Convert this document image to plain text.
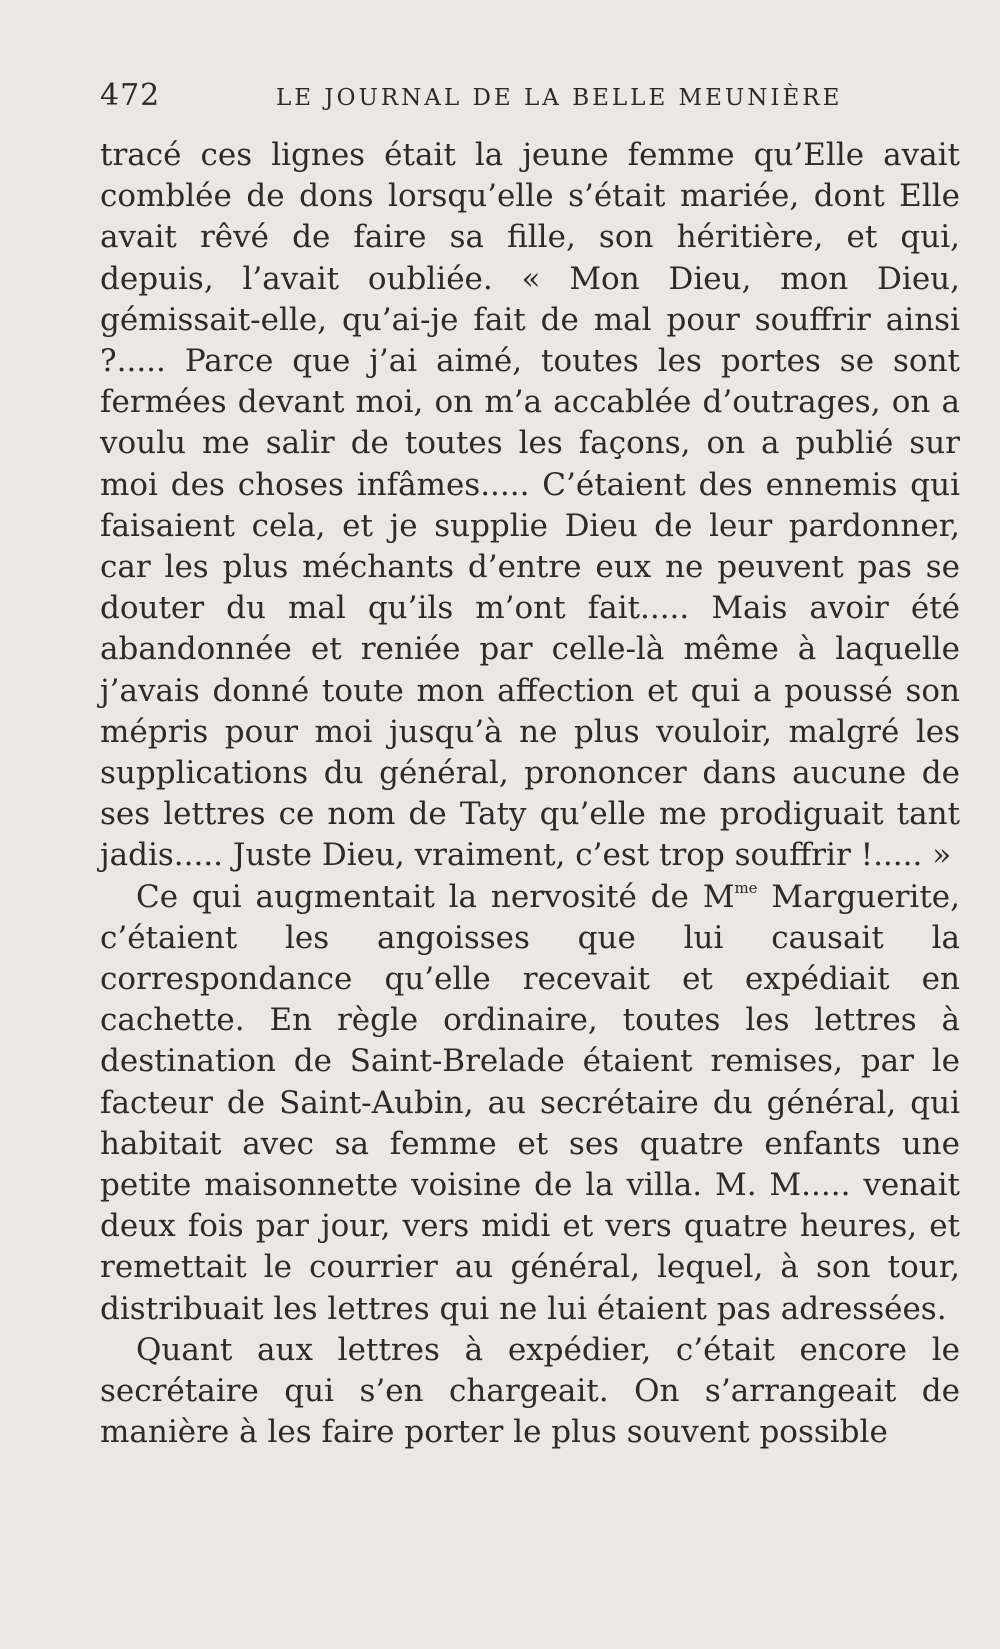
472	LE JOURNAL DE LA BELLE MEUNIÈRE

tracé ces lignes était la jeune femme qu’Elle avait comblée de dons lorsqu’elle s’était mariée, dont Elle avait rêvé de faire sa fille, son héritière, et qui, depuis, l’avait oubliée. « Mon Dieu, mon Dieu, gémissait-elle, qu’ai-je fait de mal pour souffrir ainsi ?..... Parce que j’ai aimé, toutes les portes se sont fermées devant moi, on m’a accablée d’outrages, on a voulu me salir de toutes les façons, on a publié sur moi des choses infâmes..... C’étaient des ennemis qui faisaient cela, et je supplie Dieu de leur pardonner, car les plus méchants d’entre eux ne peuvent pas se douter du mal qu’ils m’ont fait..... Mais avoir été abandonnée et reniée par celle-là même à laquelle j’avais donné toute mon affection et qui a poussé son mépris pour moi jusqu’à ne plus vouloir, malgré les supplications du général, prononcer dans aucune de ses lettres ce nom de Taty qu’elle me prodiguait tant jadis..... Juste Dieu, vraiment, c’est trop souffrir !..... »

Ce qui augmentait la nervosité de $M^{me}$ Marguerite, c’étaient les angoisses que lui causait la correspondance qu’elle recevait et expédiait en cachette. En règle ordinaire, toutes les lettres à destination de Saint-Brelade étaient remises, par le facteur de Saint-Aubin, au secrétaire du général, qui habitait avec sa femme et ses quatre enfants une petite maisonnette voisine de la villa. M. M..... venait deux fois par jour, vers midi et vers quatre heures, et remettait le courrier au général, lequel, à son tour, distribuait les lettres qui ne lui étaient pas adressées.

Quant aux lettres à expédier, c’était encore le secrétaire qui s’en chargeait. On s’arrangeait de manière à les faire porter le plus souvent possible
